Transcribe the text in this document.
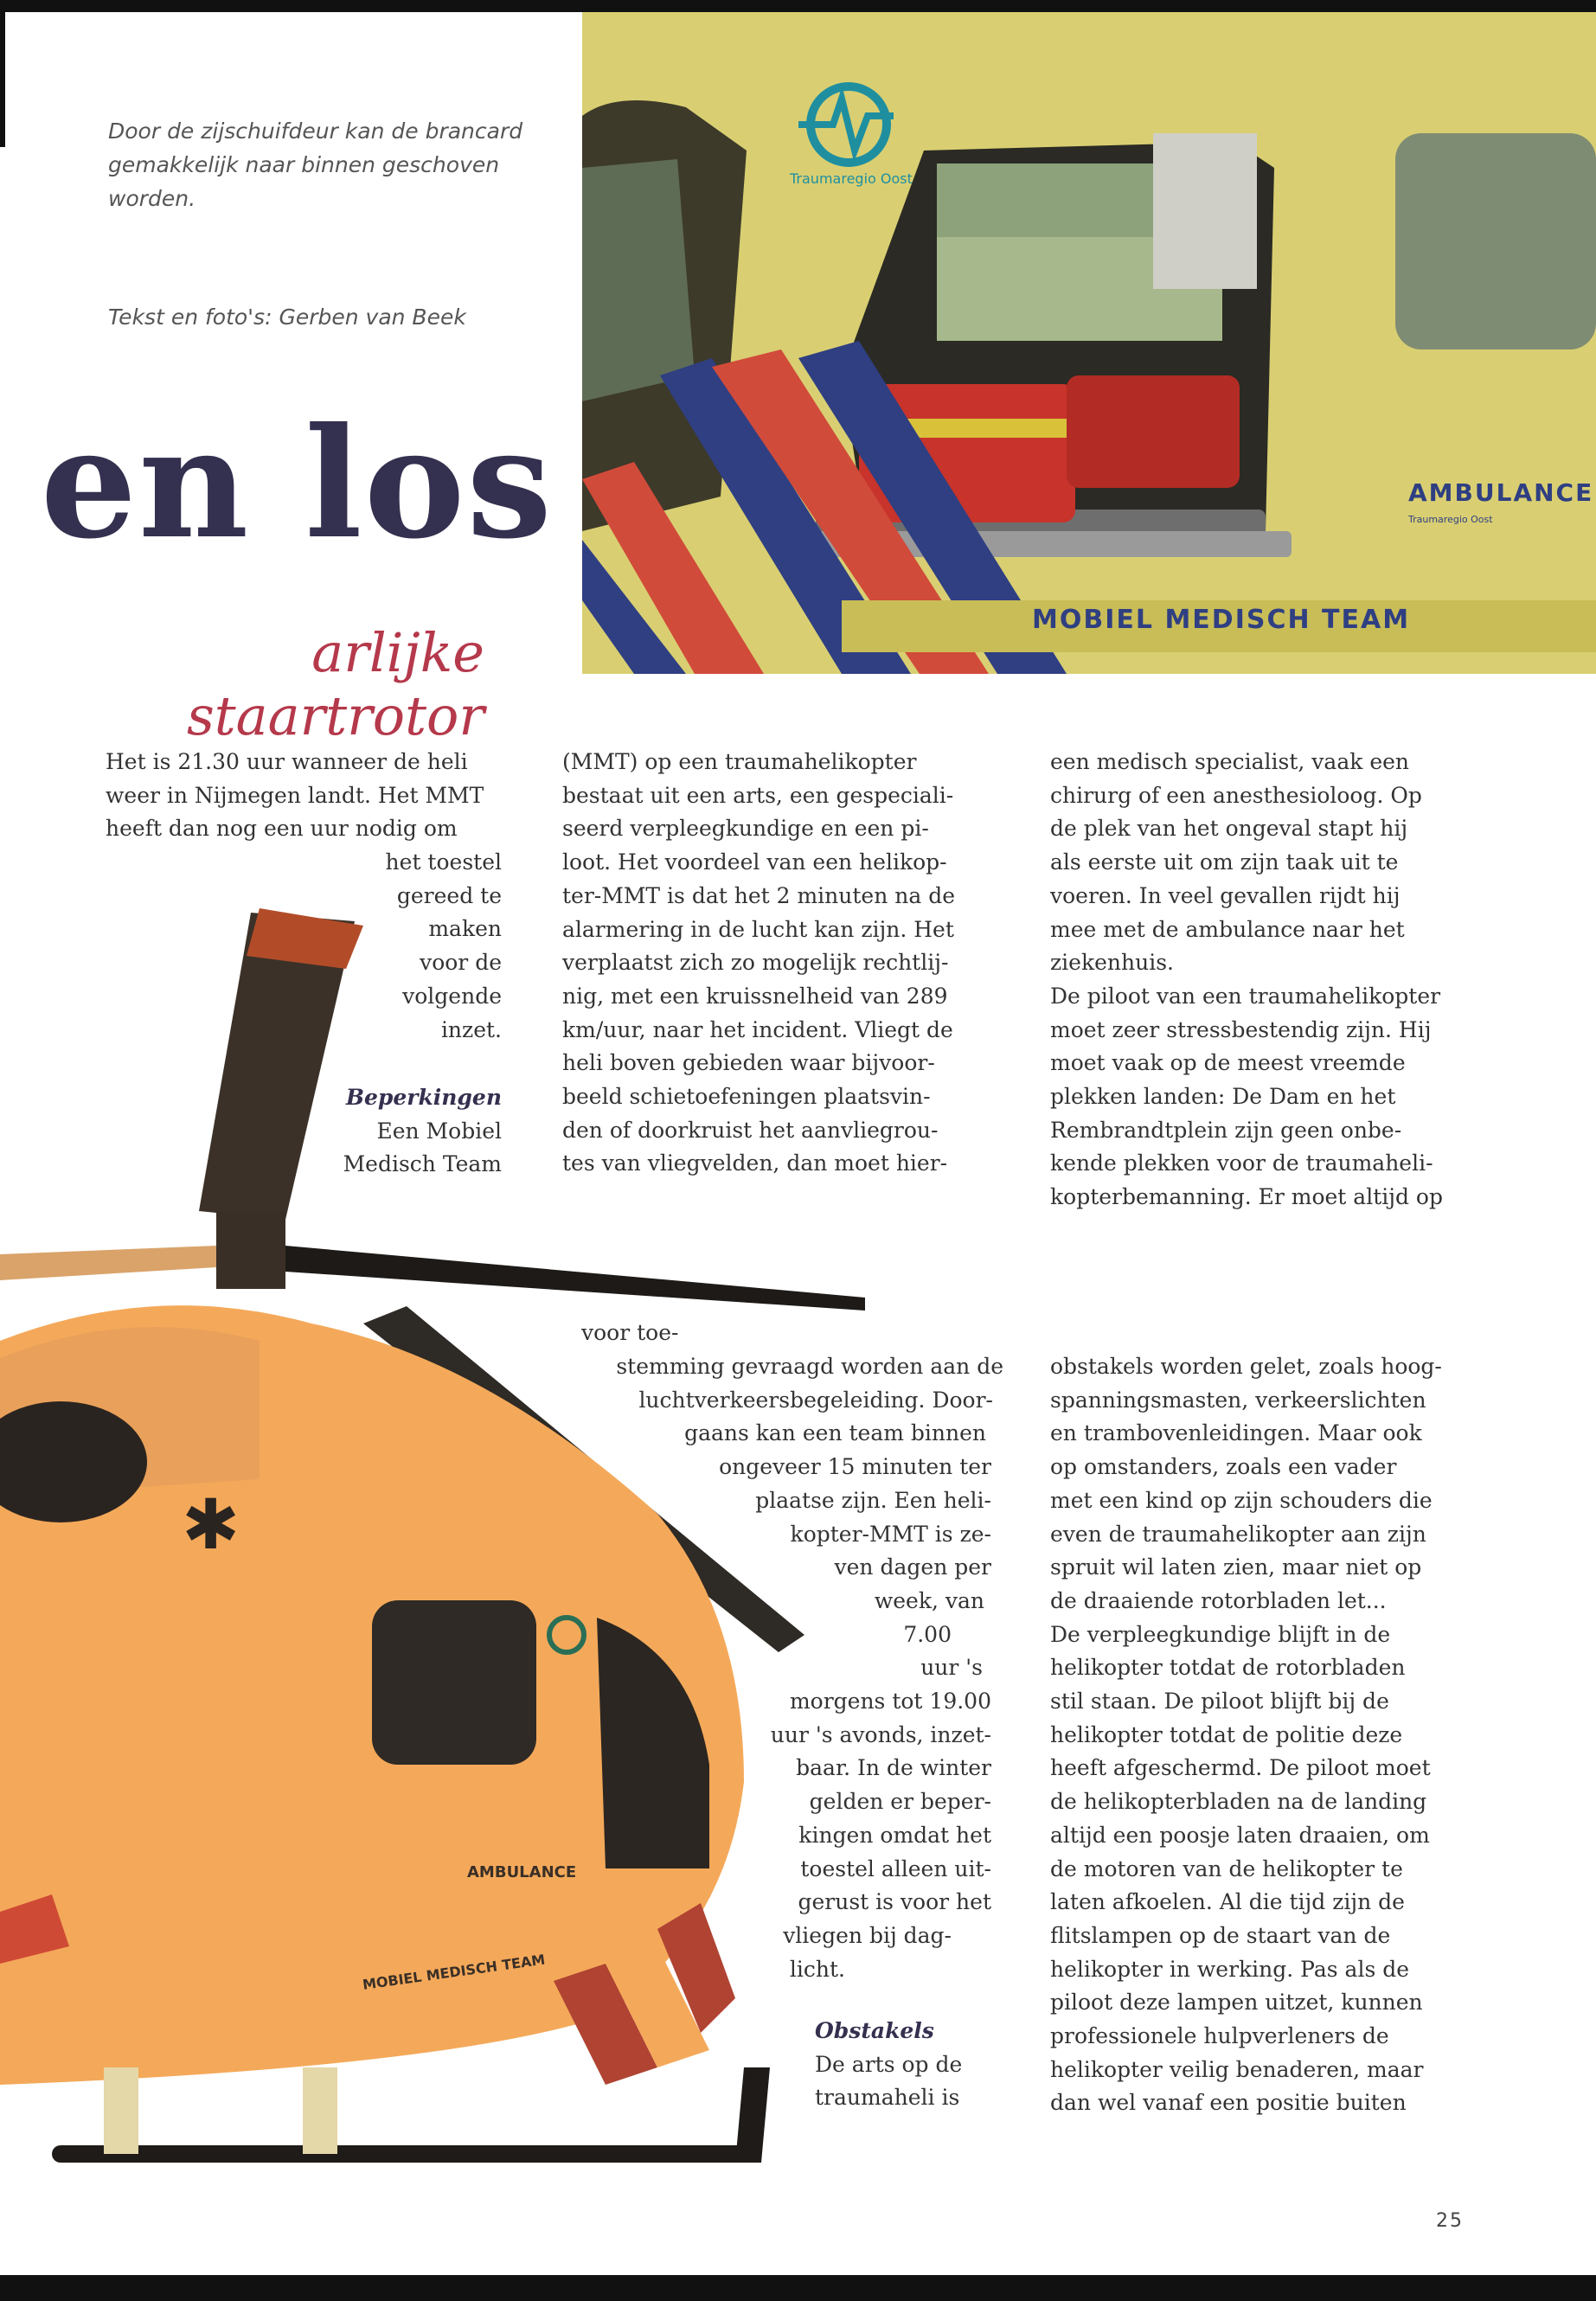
Door de zijschuifdeur kan de brancard gemakkelijk naar binnen geschoven worden.
Tekst en foto's: Gerben van Beek
en los
arlijke staartrotor
Traumaregio Oost
AMBULANCE
Traumaregio Oost
MOBIEL MEDISCH TEAM
✱
AMBULANCE
MOBIEL MEDISCH TEAM
Het is 21.30 uur wanneer de heli
weer in Nijmegen landt. Het MMT
heeft dan nog een uur nodig om
het toestel
gereed te
maken
voor de
volgende
inzet.
Beperkingen
Een Mobiel
Medisch Team
(MMT) op een traumahelikopter
bestaat uit een arts, een gespeciali-
seerd verpleegkundige en een pi-
loot. Het voordeel van een helikop-
ter-MMT is dat het 2 minuten na de
alarmering in de lucht kan zijn. Het
verplaatst zich zo mogelijk rechtlij-
nig, met een kruissnelheid van 289
km/uur, naar het incident. Vliegt de
heli boven gebieden waar bijvoor-
beeld schietoefeningen plaatsvin-
den of doorkruist het aanvliegrou-
tes van vliegvelden, dan moet hier-
een medisch specialist, vaak een
chirurg of een anesthesioloog. Op
de plek van het ongeval stapt hij
als eerste uit om zijn taak uit te
voeren. In veel gevallen rijdt hij
mee met de ambulance naar het
ziekenhuis.
De piloot van een traumahelikopter
moet zeer stressbestendig zijn. Hij
moet vaak op de meest vreemde
plekken landen: De Dam en het
Rembrandtplein zijn geen onbe-
kende plekken voor de traumaheli-
kopterbemanning. Er moet altijd op
voor toe-
stemming gevraagd worden aan de
luchtverkeersbegeleiding. Door-
gaans kan een team binnen
ongeveer 15 minuten ter
plaatse zijn. Een heli-
kopter-MMT is ze-
ven dagen per
week, van
7.00
uur 's
morgens tot 19.00
uur 's avonds, inzet-
baar. In de winter
gelden er beper-
kingen omdat het
toestel alleen uit-
gerust is voor het
vliegen bij dag-
licht.
Obstakels
De arts op de
traumaheli is
obstakels worden gelet, zoals hoog-
spanningsmasten, verkeerslichten
en trambovenleidingen. Maar ook
op omstanders, zoals een vader
met een kind op zijn schouders die
even de traumahelikopter aan zijn
spruit wil laten zien, maar niet op
de draaiende rotorbladen let...
De verpleegkundige blijft in de
helikopter totdat de rotorbladen
stil staan. De piloot blijft bij de
helikopter totdat de politie deze
heeft afgeschermd. De piloot moet
de helikopterbladen na de landing
altijd een poosje laten draaien, om
de motoren van de helikopter te
laten afkoelen. Al die tijd zijn de
flitslampen op de staart van de
helikopter in werking. Pas als de
piloot deze lampen uitzet, kunnen
professionele hulpverleners de
helikopter veilig benaderen, maar
dan wel vanaf een positie buiten
25
